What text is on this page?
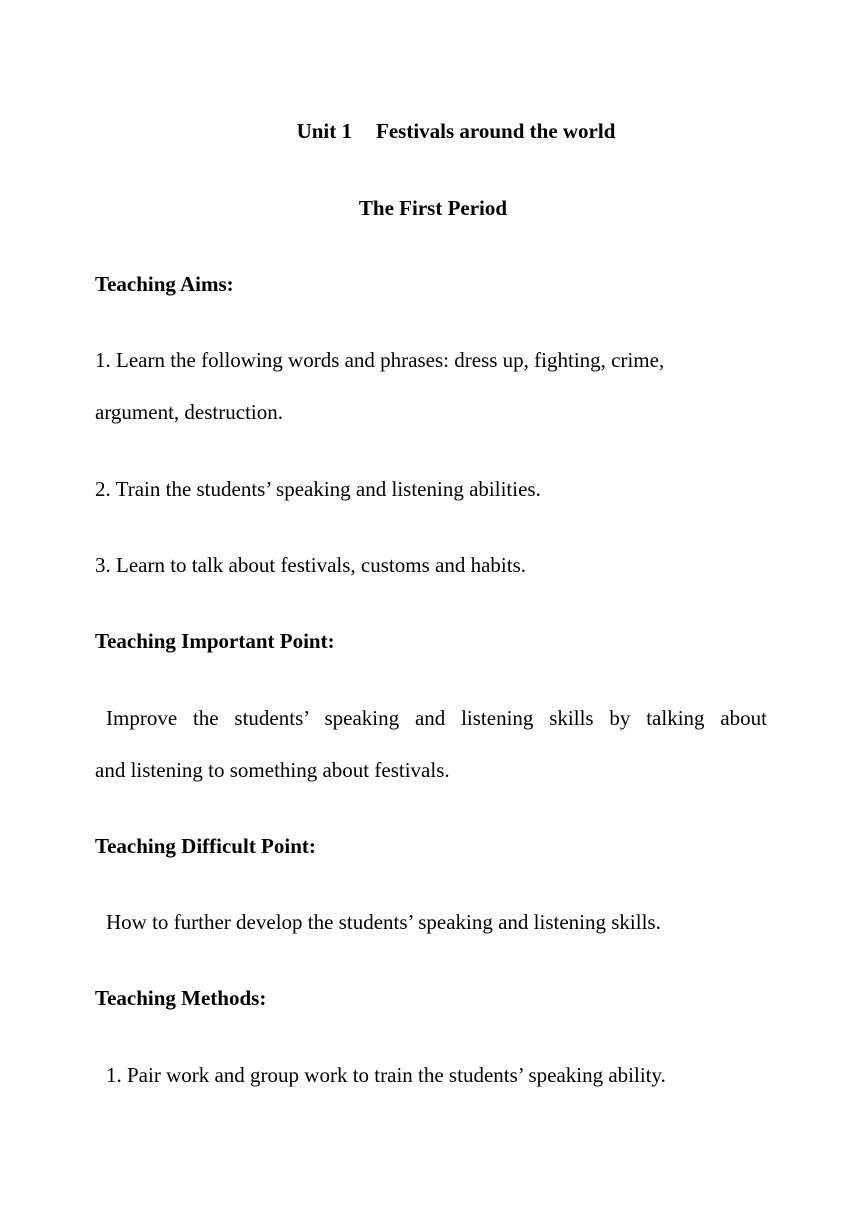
Unit 1 Festivals around the world
The First Period
Teaching Aims:
1. Learn the following words and phrases: dress up, fighting, crime,
argument, destruction.
2. Train the students’ speaking and listening abilities.
3. Learn to talk about festivals, customs and habits.
Teaching Important Point:
Improve the students’ speaking and listening skills by talking about
and listening to something about festivals.
Teaching Difficult Point:
How to further develop the students’ speaking and listening skills.
Teaching Methods:
1. Pair work and group work to train the students’ speaking ability.
